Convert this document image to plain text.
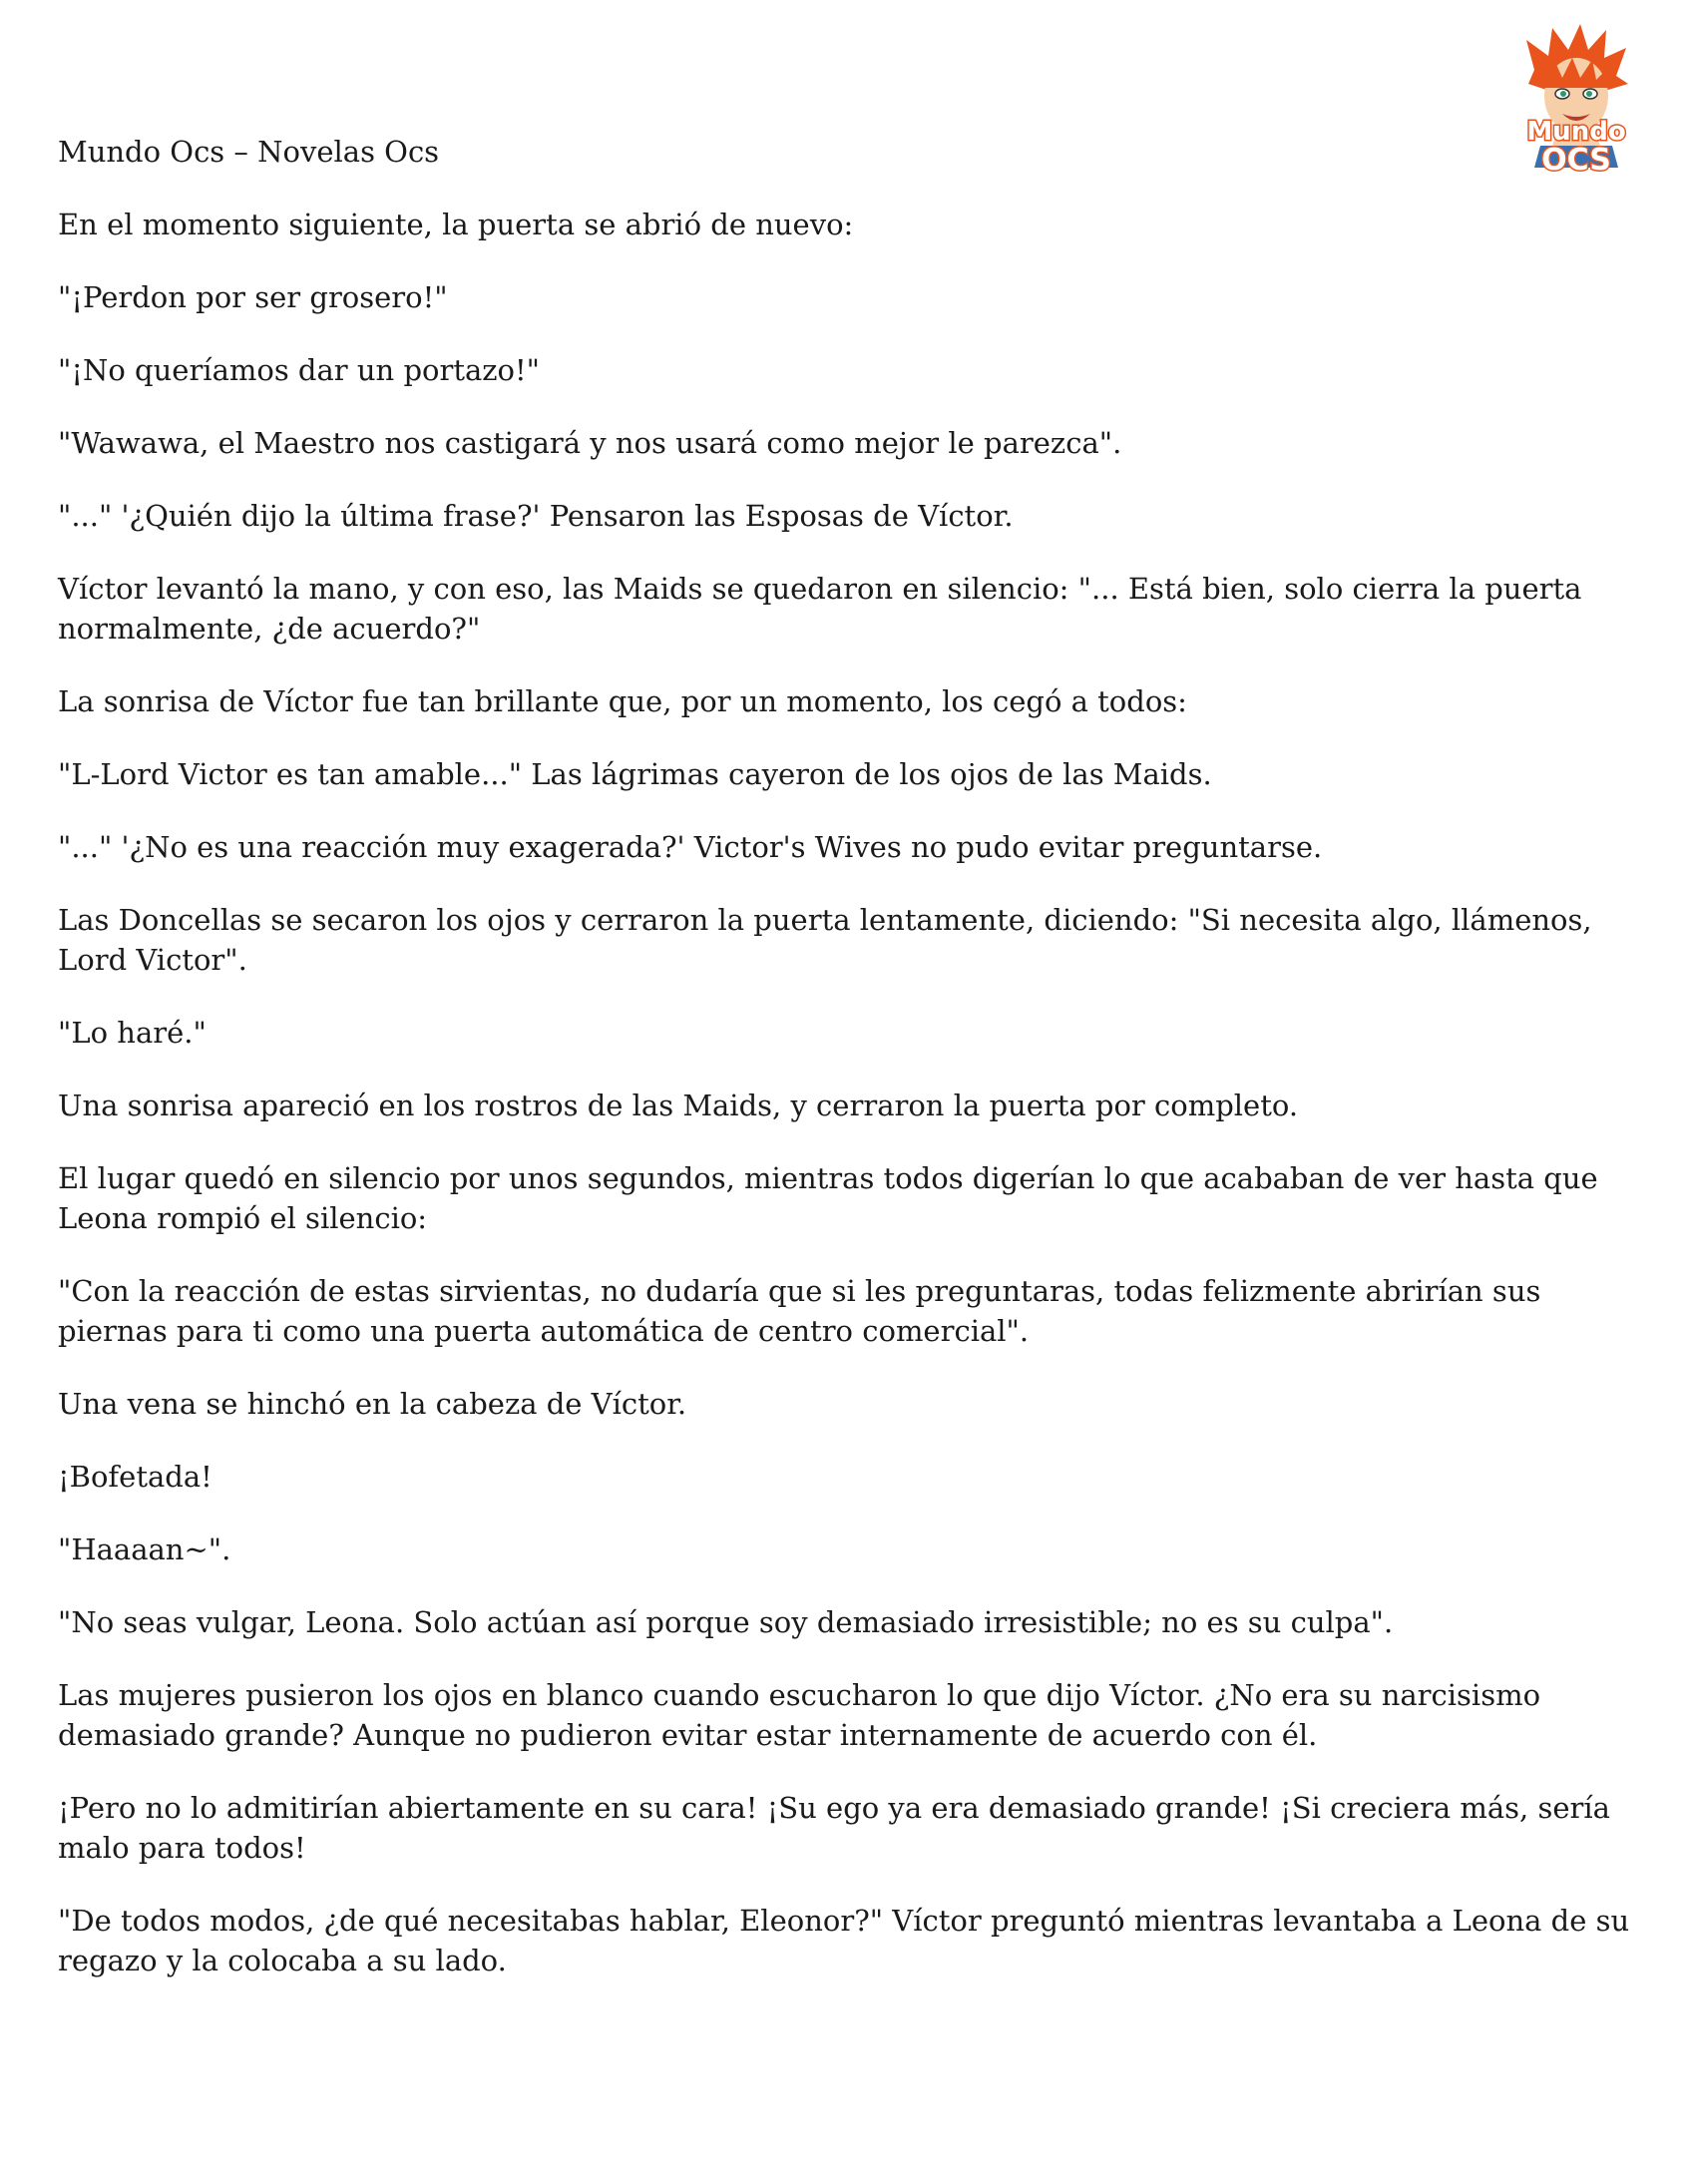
Mundo Ocs – Novelas Ocs
Mundo
OCS

En el momento siguiente, la puerta se abrió de nuevo:

"¡Perdon por ser grosero!"

"¡No queríamos dar un portazo!"

"Wawawa, el Maestro nos castigará y nos usará como mejor le parezca".

"..." '¿Quién dijo la última frase?' Pensaron las Esposas de Víctor.

Víctor levantó la mano, y con eso, las Maids se quedaron en silencio: "... Está bien, solo cierra la puerta normalmente, ¿de acuerdo?"

La sonrisa de Víctor fue tan brillante que, por un momento, los cegó a todos:

"L-Lord Victor es tan amable..." Las lágrimas cayeron de los ojos de las Maids.

"..." '¿No es una reacción muy exagerada?' Victor's Wives no pudo evitar preguntarse.

Las Doncellas se secaron los ojos y cerraron la puerta lentamente, diciendo: "Si necesita algo, llámenos, Lord Victor".

"Lo haré."

Una sonrisa apareció en los rostros de las Maids, y cerraron la puerta por completo.

El lugar quedó en silencio por unos segundos, mientras todos digerían lo que acababan de ver hasta que Leona rompió el silencio:

"Con la reacción de estas sirvientas, no dudaría que si les preguntaras, todas felizmente abrirían sus piernas para ti como una puerta automática de centro comercial".

Una vena se hinchó en la cabeza de Víctor.

¡Bofetada!

"Haaaan~".

"No seas vulgar, Leona. Solo actúan así porque soy demasiado irresistible; no es su culpa".

Las mujeres pusieron los ojos en blanco cuando escucharon lo que dijo Víctor. ¿No era su narcisismo demasiado grande? Aunque no pudieron evitar estar internamente de acuerdo con él.

¡Pero no lo admitirían abiertamente en su cara! ¡Su ego ya era demasiado grande! ¡Si creciera más, sería malo para todos!

"De todos modos, ¿de qué necesitabas hablar, Eleonor?" Víctor preguntó mientras levantaba a Leona de su regazo y la colocaba a su lado.
